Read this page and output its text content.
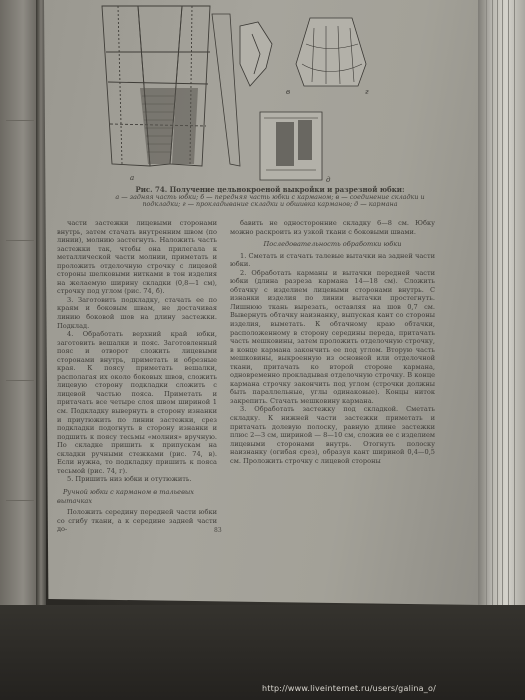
а
в	г
д
Рис. 74. Получение цельнокроеной выкройки и разрезной юбки:
а — задняя часть юбки; б — передняя часть юбки с карманом; в — соединение складки и подкладки; г — прокладывание складки и обшивка карманов; д — кармана

части застежки лицевыми сторонами внутрь, затем стачать внутренним швом (по линии), молнию застегнуть. Наложить часть застежки так, чтобы она прилегала к металлической части молнии, приметать и проложить отделочную строчку с лицевой стороны шелковыми нитками в тон изделия на желаемую ширину складки (0,8—1 см), строчку под углом (рис. 74, б).

3. Заготовить подкладку, стачать ее по краям и боковым швам, не достачивая линию боковой шов на длину застежки. Подклад.

4. Обработать верхний край юбки, заготовить вешалки и пояс. Заготовленный пояс и отворот сложить лицевыми сторонами внутрь, приметать и обрезные края. К поясу приметать вешалки, располагая их около боковых швов, сложить лицевую сторону подкладки сложить с лицевой частью пояса. Приметать и притачать все четыре слоя швом шириной 1 см. Подкладку вывернуть в сторону изнанки и приутюжить по линии застежки, срез подкладки подогнуть в сторону изнанки и подшить к поясу тесьмы «молния» вручную. По складке пришить к припускам на складки ручными стежками (рис. 74, в). Если нужна, то подкладку пришить к пояса тесьмой (рис. 74, г).

5. Пришить низ юбки и отутюжить.

Ручной юбки с карманом в тальевых вытачках

Положить середину передней части юбки со сгибу ткани, а к середине задней части до-

бавить не односторонние складку 6—8 см. Юбку можно раскроить из узкой ткани с боковыми швами.

Последовательность обработки юбки

1. Сметать и стачать талевые вытачки на задней части юбки.

2. Обработать карманы и вытачки передней части юбки (длина разреза кармана 14—18 см). Сложить обтачку с изделием лицевыми сторонами внутрь. С изнанки изделия по линии вытачки простегнуть. Лишнюю ткань вырезать, оставляя на шов 0,7 см. Вывернуть обтачку наизнанку, выпуская кант со стороны изделия, выметать. К обтачному краю обтачки, расположенному в сторону середины переда, притачать часть мешковины, затем проложить отделочную строчку, в конце кармана закончить ее под углом. Вторую часть мешковины, выкроенную из основной или отделочной ткани, притачать ко второй стороне кармана, одновременно прокладывая отделочную строчку. В конце кармана строчку закончить под углом (строчки должны быть параллельные, углы одинаковые). Концы ниток закрепить. Стачать мешковину кармана.

3. Обработать застежку под складкой. Сметать складку. К нижней части застежки приметать и притачать долевую полоску, равную длине застежки плюс 2—3 см, шириной — 8—10 см, сложив ее с изделием лицевыми сторонами внутрь. Отогнуть полоску наизнанку (огибая срез), образуя кант шириной 0,4—0,5 см. Проложить строчку с лицевой стороны

83
http://www.liveinternet.ru/users/galina_o/
